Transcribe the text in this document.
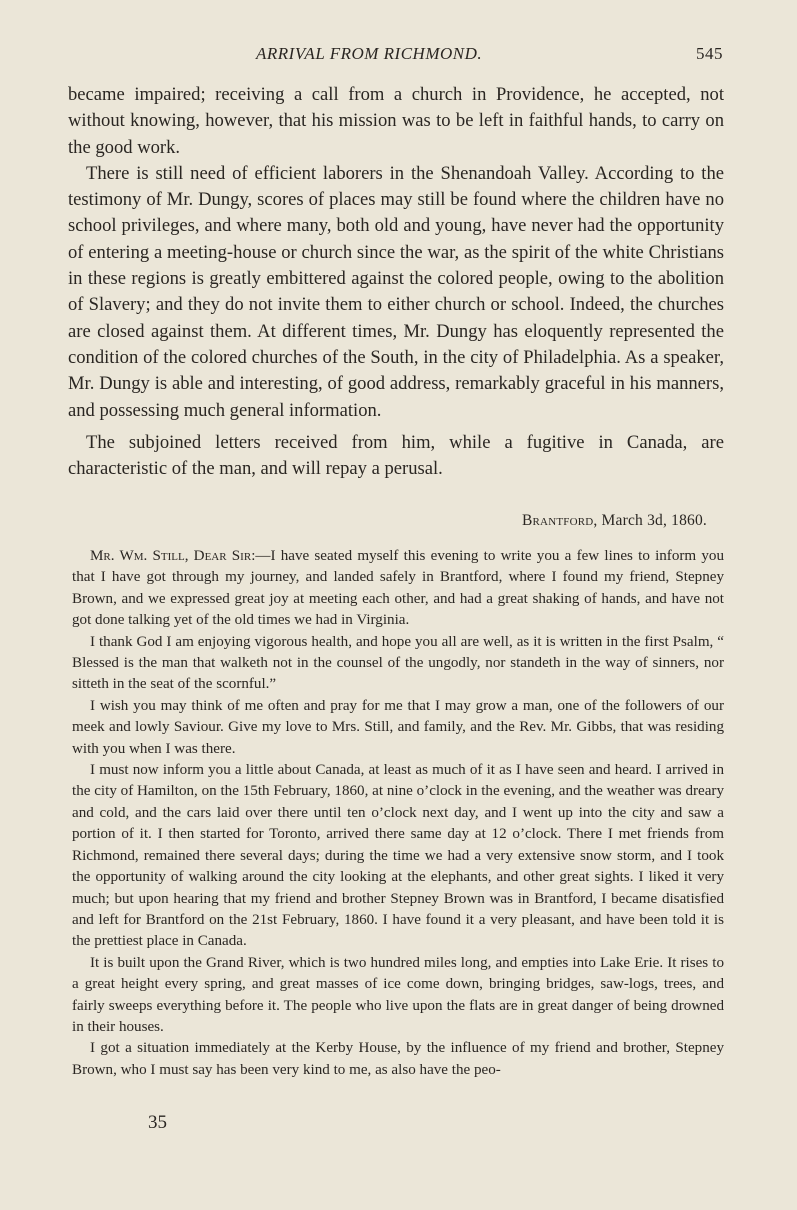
ARRIVAL FROM RICHMOND.	545

became impaired; receiving a call from a church in Providence, he accepted, not without knowing, however, that his mission was to be left in faithful hands, to carry on the good work.

There is still need of efficient laborers in the Shenandoah Valley. According to the testimony of Mr. Dungy, scores of places may still be found where the children have no school privileges, and where many, both old and young, have never had the opportunity of entering a meeting-house or church since the war, as the spirit of the white Christians in these regions is greatly embittered against the colored people, owing to the abolition of Slavery; and they do not invite them to either church or school. Indeed, the churches are closed against them. At different times, Mr. Dungy has eloquently represented the condition of the colored churches of the South, in the city of Philadelphia. As a speaker, Mr. Dungy is able and interesting, of good address, remarkably graceful in his manners, and possessing much general information.

The subjoined letters received from him, while a fugitive in Canada, are characteristic of the man, and will repay a perusal.

Brantford, March 3d, 1860.

Mr. Wm. Still, Dear Sir:—I have seated myself this evening to write you a few lines to inform you that I have got through my journey, and landed safely in Brantford, where I found my friend, Stepney Brown, and we expressed great joy at meeting each other, and had a great shaking of hands, and have not got done talking yet of the old times we had in Virginia.

I thank God I am enjoying vigorous health, and hope you all are well, as it is written in the first Psalm, “ Blessed is the man that walketh not in the counsel of the ungodly, nor standeth in the way of sinners, nor sitteth in the seat of the scornful.”

I wish you may think of me often and pray for me that I may grow a man, one of the followers of our meek and lowly Saviour. Give my love to Mrs. Still, and family, and the Rev. Mr. Gibbs, that was residing with you when I was there.

I must now inform you a little about Canada, at least as much of it as I have seen and heard. I arrived in the city of Hamilton, on the 15th February, 1860, at nine o’clock in the evening, and the weather was dreary and cold, and the cars laid over there until ten o’clock next day, and I went up into the city and saw a portion of it. I then started for Toronto, arrived there same day at 12 o’clock. There I met friends from Richmond, remained there several days; during the time we had a very extensive snow storm, and I took the opportunity of walking around the city looking at the elephants, and other great sights. I liked it very much; but upon hearing that my friend and brother Stepney Brown was in Brantford, I became disatisfied and left for Brantford on the 21st February, 1860. I have found it a very pleasant, and have been told it is the prettiest place in Canada.

It is built upon the Grand River, which is two hundred miles long, and empties into Lake Erie. It rises to a great height every spring, and great masses of ice come down, bringing bridges, saw-logs, trees, and fairly sweeps everything before it. The people who live upon the flats are in great danger of being drowned in their houses.

I got a situation immediately at the Kerby House, by the influence of my friend and brother, Stepney Brown, who I must say has been very kind to me, as also have the peo-

35
